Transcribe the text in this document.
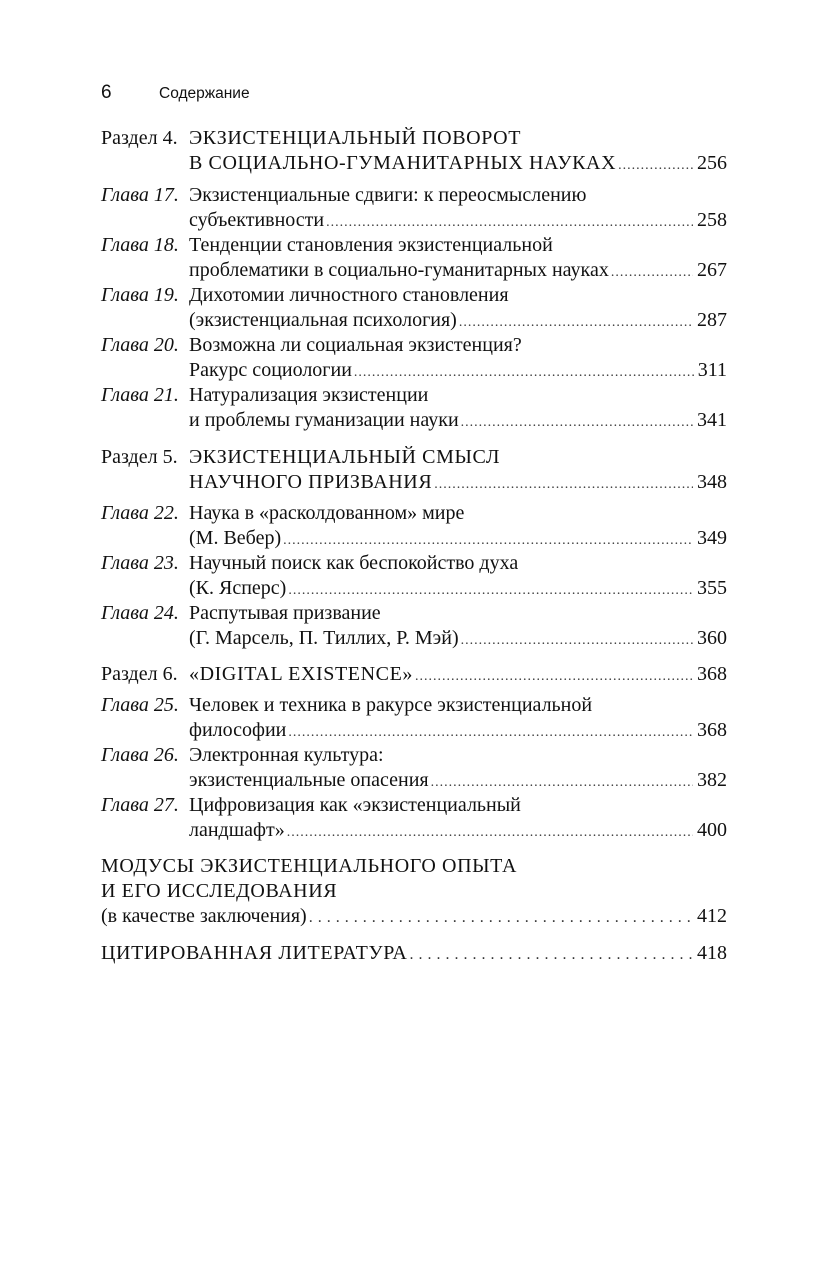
6	Содержание
Раздел 4. ЭКЗИСТЕНЦИАЛЬНЫЙ ПОВОРОТ
В СОЦИАЛЬНО-ГУМАНИТАРНЫХ НАУКАХ .....	256
Глава 17. Экзистенциальные сдвиги: к переосмыслению
субъективности .....	258
Глава 18. Тенденции становления экзистенциальной
проблематики в социально-гуманитарных науках .....	267
Глава 19. Дихотомии личностного становления
(экзистенциальная психология) .....	287
Глава 20. Возможна ли социальная экзистенция?
Ракурс социологии .....	311
Глава 21. Натурализация экзистенции
и проблемы гуманизации науки .....	341
Раздел 5. ЭКЗИСТЕНЦИАЛЬНЫЙ СМЫСЛ
НАУЧНОГО ПРИЗВАНИЯ .....	348
Глава 22. Наука в «расколдованном» мире
(М. Вебер) .....	349
Глава 23. Научный поиск как беспокойство духа
(К. Ясперс) .....	355
Глава 24. Распутывая призвание
(Г. Марсель, П. Тиллих, Р. Мэй) .....	360
Раздел 6. «DIGITAL EXISTENCE» .....	368
Глава 25. Человек и техника в ракурсе экзистенциальной
философии .....	368
Глава 26. Электронная культура:
экзистенциальные опасения .....	382
Глава 27. Цифровизация как «экзистенциальный
ландшафт» .....	400
МОДУСЫ ЭКЗИСТЕНЦИАЛЬНОГО ОПЫТА
И ЕГО ИССЛЕДОВАНИЯ
(в качестве заключения) .....	412
ЦИТИРОВАННАЯ ЛИТЕРАТУРА .....	418
